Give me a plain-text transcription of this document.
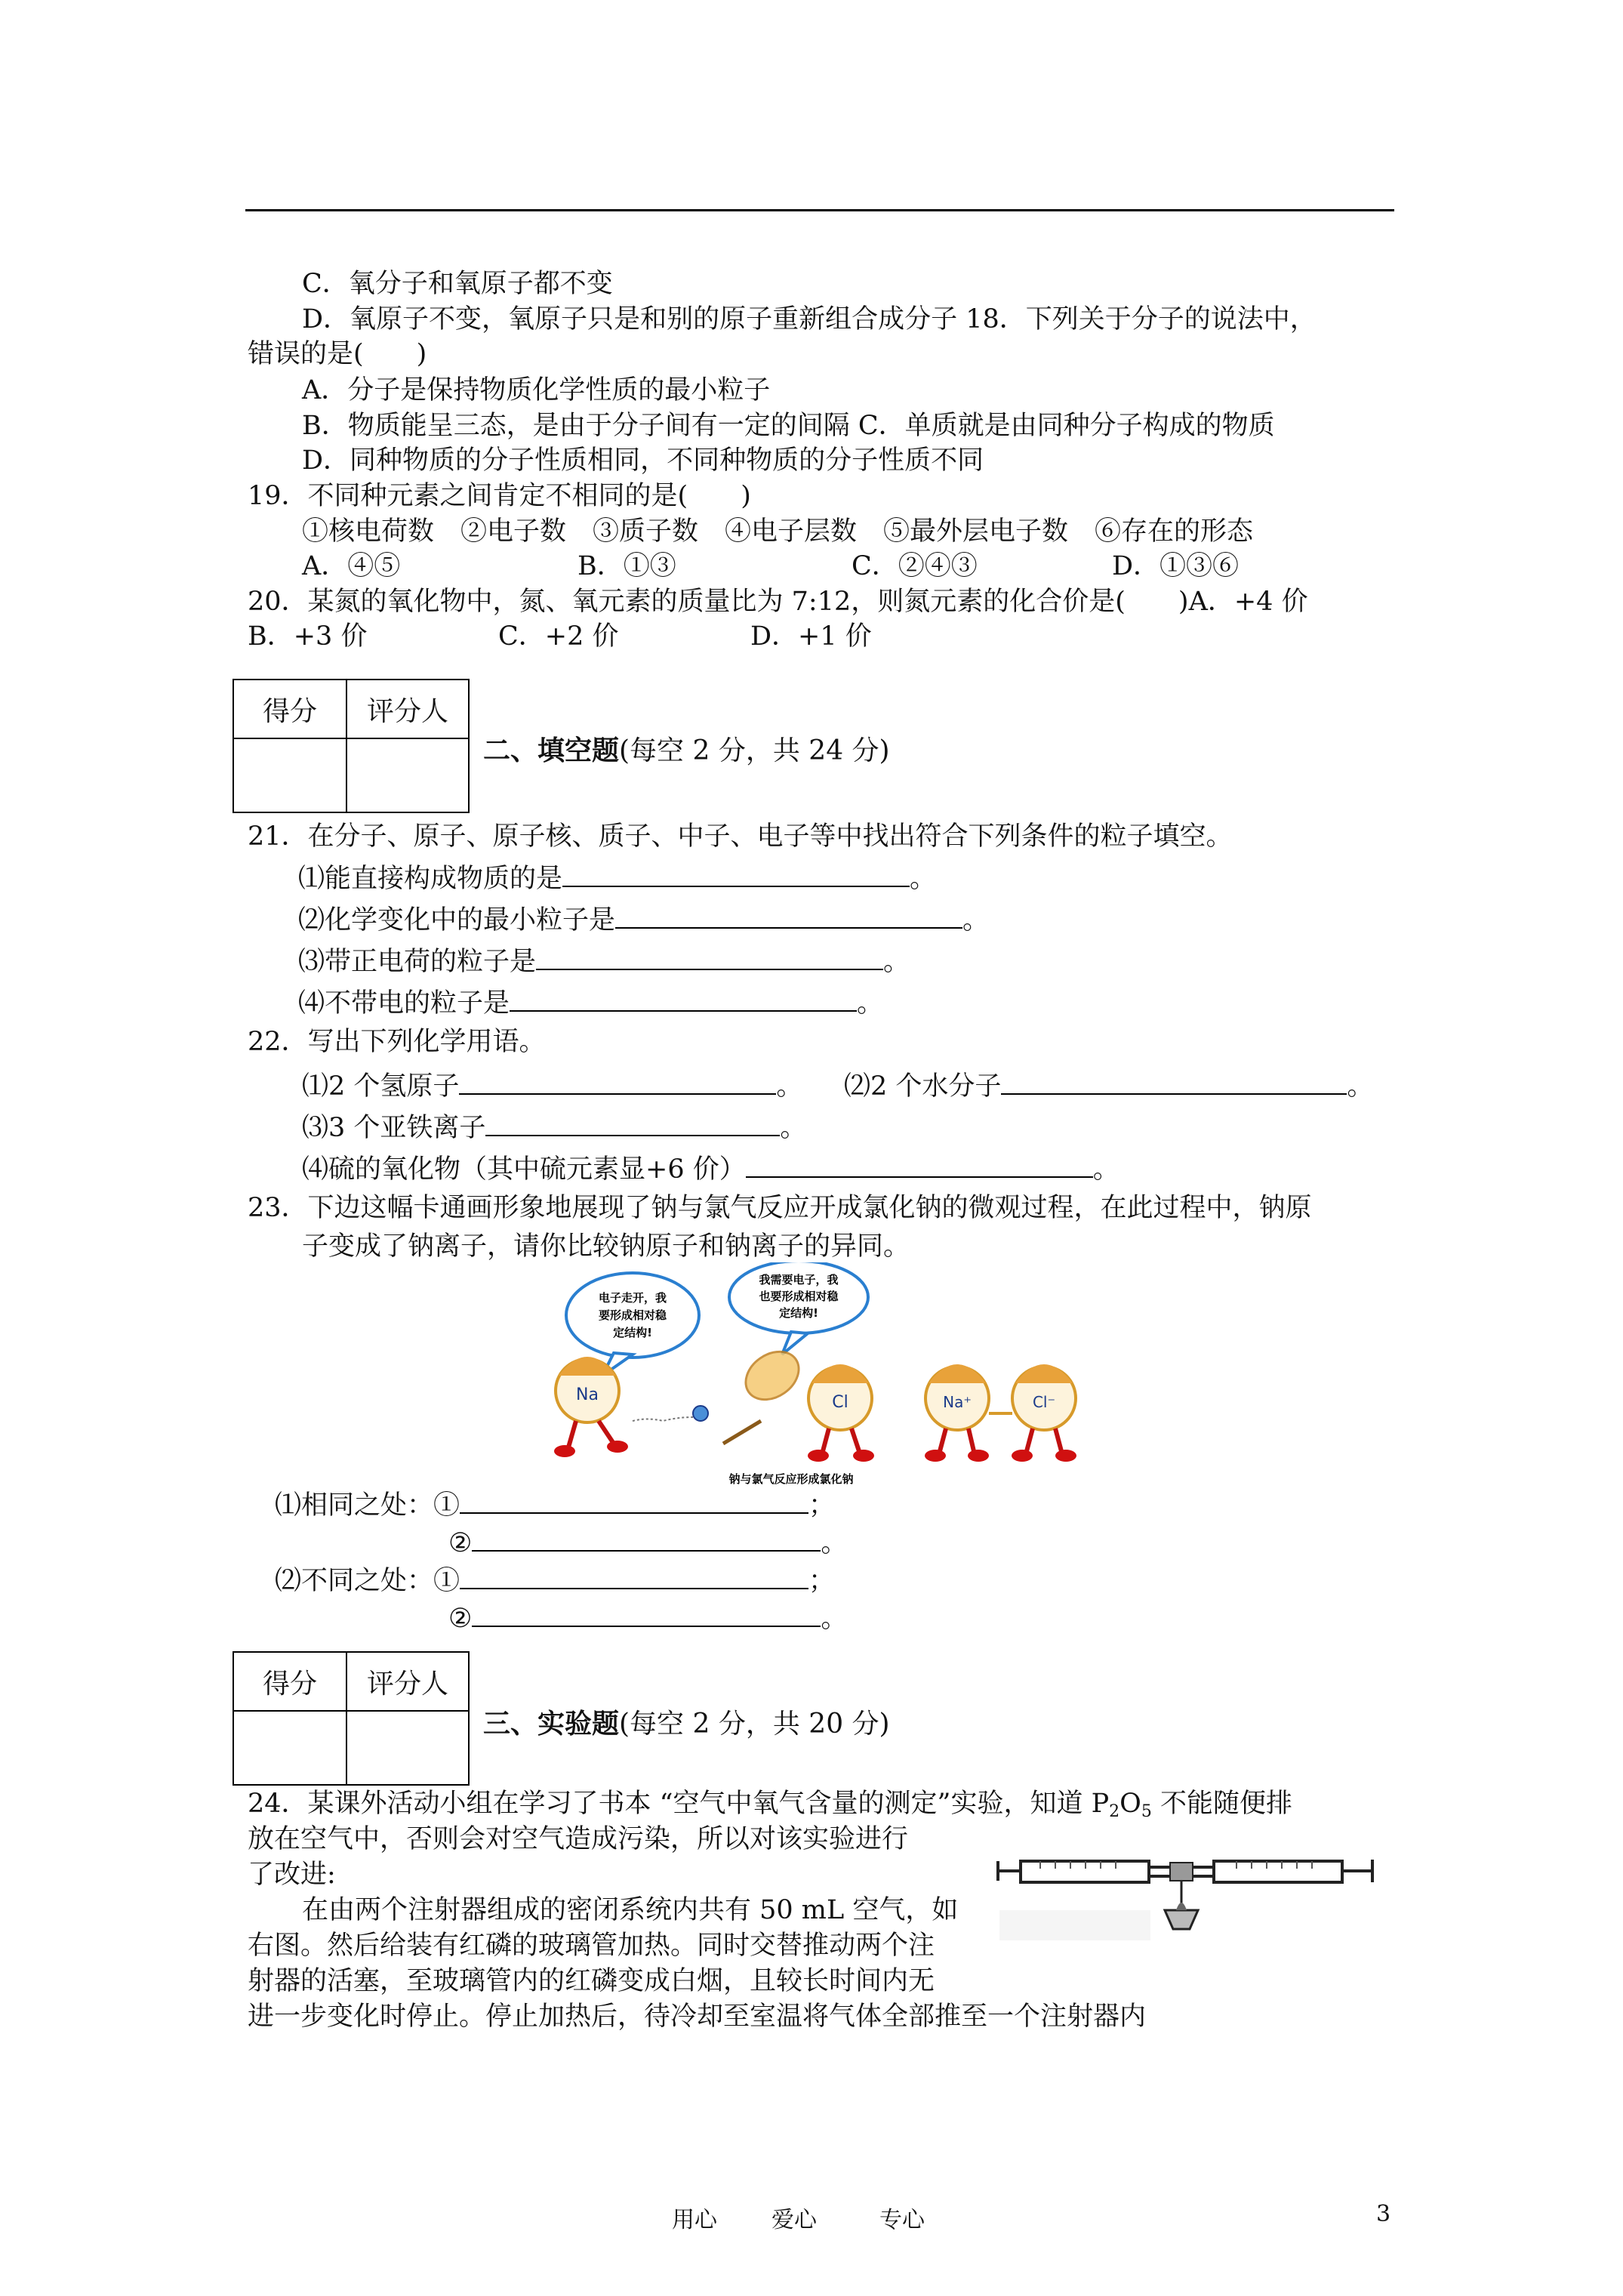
C．氧分子和氧原子都不变
D．氧原子不变，氧原子只是和别的原子重新组合成分子 18．下列关于分子的说法中，
错误的是(　　)
A．分子是保持物质化学性质的最小粒子
B．物质能呈三态，是由于分子间有一定的间隔 C．单质就是由同种分子构成的物质
D．同种物质的分子性质相同，不同种物质的分子性质不同
19．不同种元素之间肯定不相同的是(　　)
①核电荷数　②电子数　③质子数　④电子层数　⑤最外层电子数　⑥存在的形态
A．④⑤	B．①③	C．②④③	D．①③⑥
20．某氮的氧化物中，氮、氧元素的质量比为 7:12，则氮元素的化合价是(　　)A．+4 价
B．+3 价	C．+2 价	D．+1 价
得分	评分人

二、填空题(每空 2 分，共 24 分)
21．在分子、原子、原子核、质子、中子、电子等中找出符合下列条件的粒子填空。
⑴能直接构成物质的是	。
⑵化学变化中的最小粒子是	。
⑶带正电荷的粒子是	。
⑷不带电的粒子是	。
22．写出下列化学用语。
⑴2 个氢原子	。 ⑵2 个水分子	。
⑶3 个亚铁离子	。
⑷硫的氧化物（其中硫元素显+6 价）	。
23．下边这幅卡通画形象地展现了钠与氯气反应开成氯化钠的微观过程，在此过程中，钠原
子变成了钠离子，请你比较钠原子和钠离子的异同。
电子走开，我
要形成相对稳
定结构!
我需要电子，我
也要形成相对稳
定结构!
Na	Cl	Na⁺	Cl⁻
钠与氯气反应形成氯化钠
⑴相同之处：①	；
②	。
⑵不同之处：①	；
②	。
得分	评分人

三、实验题(每空 2 分，共 20 分)
24．某课外活动小组在学习了书本 “空气中氧气含量的测定”实验，知道 $P_2O_5$ 不能随便排
放在空气中，否则会对空气造成污染，所以对该实验进行
了改进:
在由两个注射器组成的密闭系统内共有 50 mL 空气，如
右图。然后给装有红磷的玻璃管加热。同时交替推动两个注
射器的活塞，至玻璃管内的红磷变成白烟，且较长时间内无
进一步变化时停止。停止加热后，待冷却至室温将气体全部推至一个注射器内
用心 爱心	专心	3
